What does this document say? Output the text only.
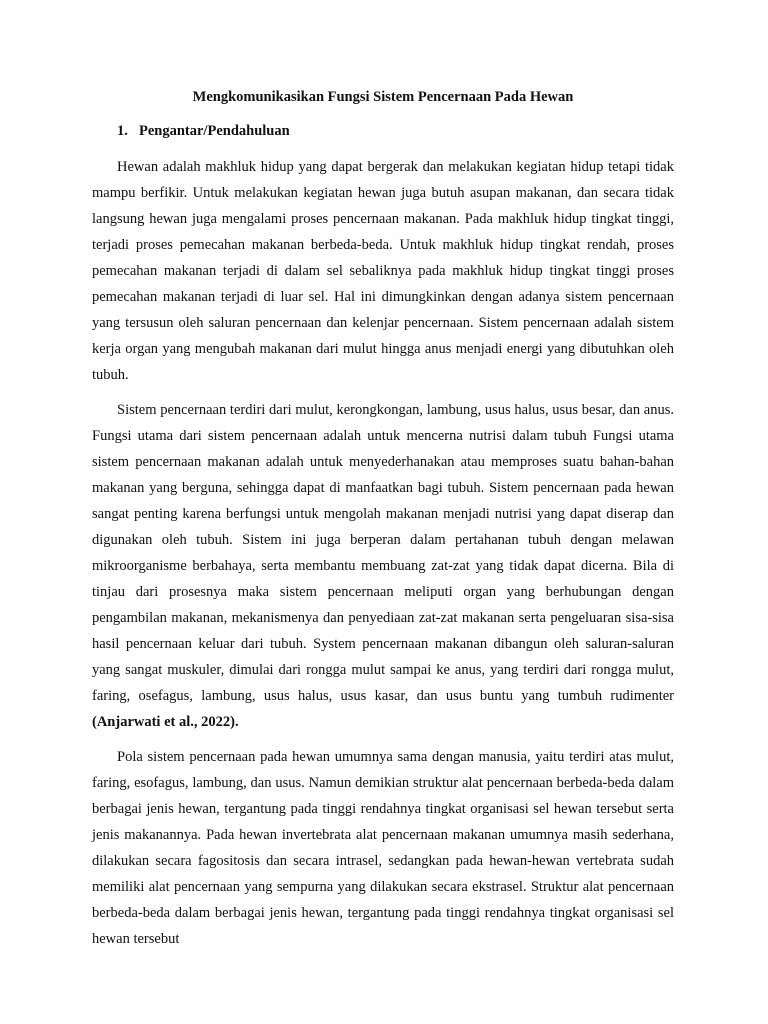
Mengkomunikasikan Fungsi Sistem Pencernaan Pada Hewan
1. Pengantar/Pendahuluan

Hewan adalah makhluk hidup yang dapat bergerak dan melakukan kegiatan hidup tetapi tidak mampu berfikir. Untuk melakukan kegiatan hewan juga butuh asupan makanan, dan secara tidak langsung hewan juga mengalami proses pencernaan makanan. Pada makhluk hidup tingkat tinggi, terjadi proses pemecahan makanan berbeda-beda. Untuk makhluk hidup tingkat rendah, proses pemecahan makanan terjadi di dalam sel sebaliknya pada makhluk hidup tingkat tinggi proses pemecahan makanan terjadi di luar sel. Hal ini dimungkinkan dengan adanya sistem pencernaan yang tersusun oleh saluran pencernaan dan kelenjar pencernaan. Sistem pencernaan adalah sistem kerja organ yang mengubah makanan dari mulut hingga anus menjadi energi yang dibutuhkan oleh tubuh.

Sistem pencernaan terdiri dari mulut, kerongkongan, lambung, usus halus, usus besar, dan anus. Fungsi utama dari sistem pencernaan adalah untuk mencerna nutrisi dalam tubuh Fungsi utama sistem pencernaan makanan adalah untuk menyederhanakan atau memproses suatu bahan-bahan makanan yang berguna, sehingga dapat di manfaatkan bagi tubuh. Sistem pencernaan pada hewan sangat penting karena berfungsi untuk mengolah makanan menjadi nutrisi yang dapat diserap dan digunakan oleh tubuh. Sistem ini juga berperan dalam pertahanan tubuh dengan melawan mikroorganisme berbahaya, serta membantu membuang zat-zat yang tidak dapat dicerna. Bila di tinjau dari prosesnya maka sistem pencernaan meliputi organ yang berhubungan dengan pengambilan makanan, mekanismenya dan penyediaan zat-zat makanan serta pengeluaran sisa-sisa hasil pencernaan keluar dari tubuh. System pencernaan makanan dibangun oleh saluran-saluran yang sangat muskuler, dimulai dari rongga mulut sampai ke anus, yang terdiri dari rongga mulut, faring, osefagus, lambung, usus halus, usus kasar, dan usus buntu yang tumbuh rudimenter (Anjarwati et al., 2022).

Pola sistem pencernaan pada hewan umumnya sama dengan manusia, yaitu terdiri atas mulut, faring, esofagus, lambung, dan usus. Namun demikian struktur alat pencernaan berbeda-beda dalam berbagai jenis hewan, tergantung pada tinggi rendahnya tingkat organisasi sel hewan tersebut serta jenis makanannya. Pada hewan invertebrata alat pencernaan makanan umumnya masih sederhana, dilakukan secara fagositosis dan secara intrasel, sedangkan pada hewan-hewan vertebrata sudah memiliki alat pencernaan yang sempurna yang dilakukan secara ekstrasel. Struktur alat pencernaan berbeda-beda dalam berbagai jenis hewan, tergantung pada tinggi rendahnya tingkat organisasi sel hewan tersebut
